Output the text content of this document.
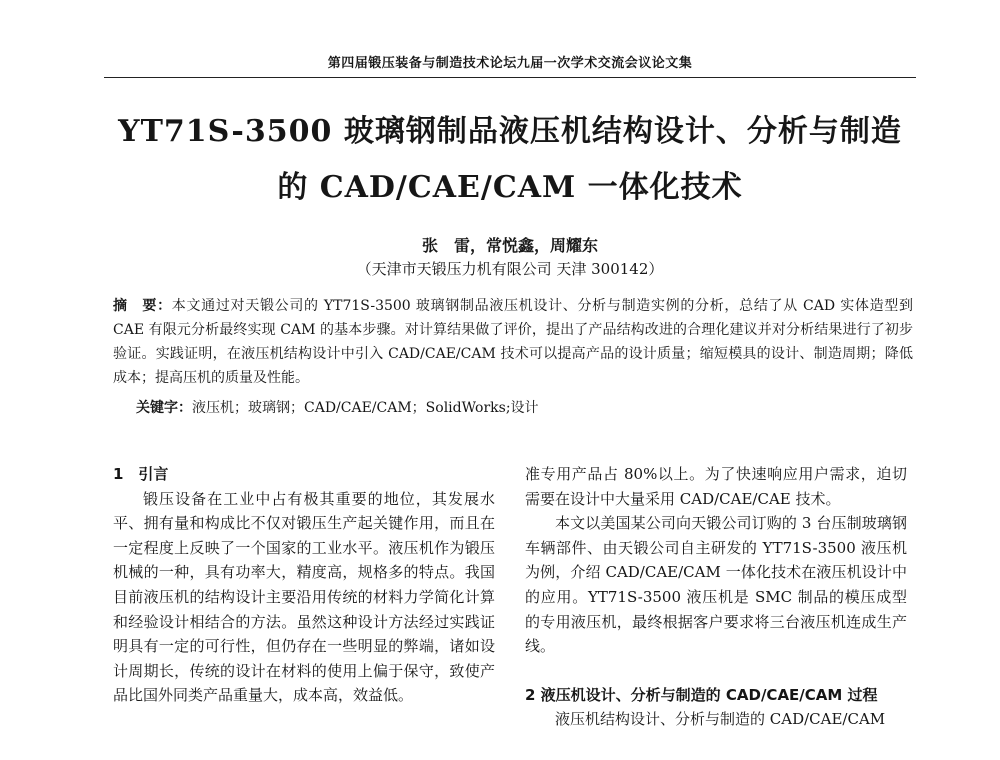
第四届锻压装备与制造技术论坛九届一次学术交流会议论文集
YT71S-3500 玻璃钢制品液压机结构设计、分析与制造
的 CAD/CAE/CAM 一体化技术
张　雷，常悦鑫，周耀东
（天津市天锻压力机有限公司 天津 300142）
摘　要：本文通过对天锻公司的 YT71S-3500 玻璃钢制品液压机设计、分析与制造实例的分析，总结了从 CAD 实体造型到 CAE 有限元分析最终实现 CAM 的基本步骤。对计算结果做了评价，提出了产品结构改进的合理化建议并对分析结果进行了初步验证。实践证明，在液压机结构设计中引入 CAD/CAE/CAM 技术可以提高产品的设计质量；缩短模具的设计、制造周期；降低成本；提高压机的质量及性能。
关键字：液压机；玻璃钢；CAD/CAE/CAM；SolidWorks;设计
1　引言

锻压设备在工业中占有极其重要的地位，其发展水平、拥有量和构成比不仅对锻压生产起关键作用，而且在一定程度上反映了一个国家的工业水平。液压机作为锻压机械的一种，具有功率大，精度高，规格多的特点。我国目前液压机的结构设计主要沿用传统的材料力学简化计算和经验设计相结合的方法。虽然这种设计方法经过实践证明具有一定的可行性，但仍存在一些明显的弊端，诸如设计周期长，传统的设计在材料的使用上偏于保守，致使产品比国外同类产品重量大，成本高，效益低。

准专用产品占 80%以上。为了快速响应用户需求，迫切需要在设计中大量采用 CAD/CAE/CAE 技术。

本文以美国某公司向天锻公司订购的 3 台压制玻璃钢车辆部件、由天锻公司自主研发的 YT71S-3500 液压机为例，介绍 CAD/CAE/CAM 一体化技术在液压机设计中的应用。YT71S-3500 液压机是 SMC 制品的模压成型的专用液压机，最终根据客户要求将三台液压机连成生产线。

2 液压机设计、分析与制造的 CAD/CAE/CAM 过程

液压机结构设计、分析与制造的 CAD/CAE/CAM
